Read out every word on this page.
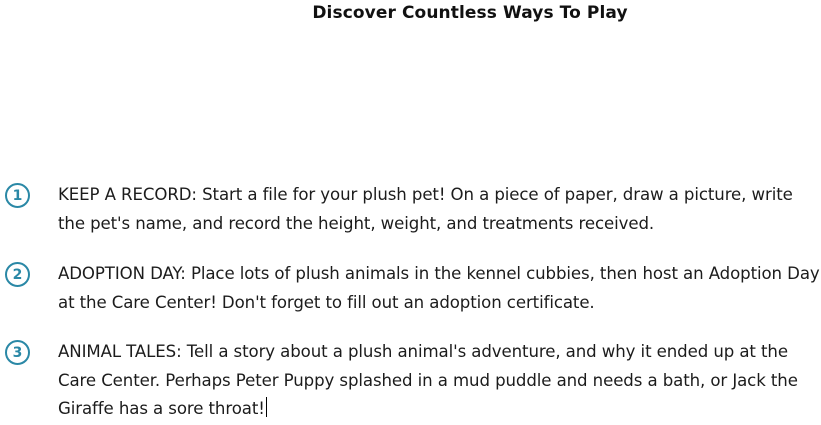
Discover Countless Ways To Play
1	KEEP A RECORD: Start a file for your plush pet! On a piece of paper, draw a picture, write the pet's name, and record the height, weight, and treatments received.
2	ADOPTION DAY: Place lots of plush animals in the kennel cubbies, then host an Adoption Day at the Care Center! Don't forget to fill out an adoption certificate.
3	ANIMAL TALES: Tell a story about a plush animal's adventure, and why it ended up at the Care Center. Perhaps Peter Puppy splashed in a mud puddle and needs a bath, or Jack the Giraffe has a sore throat!
